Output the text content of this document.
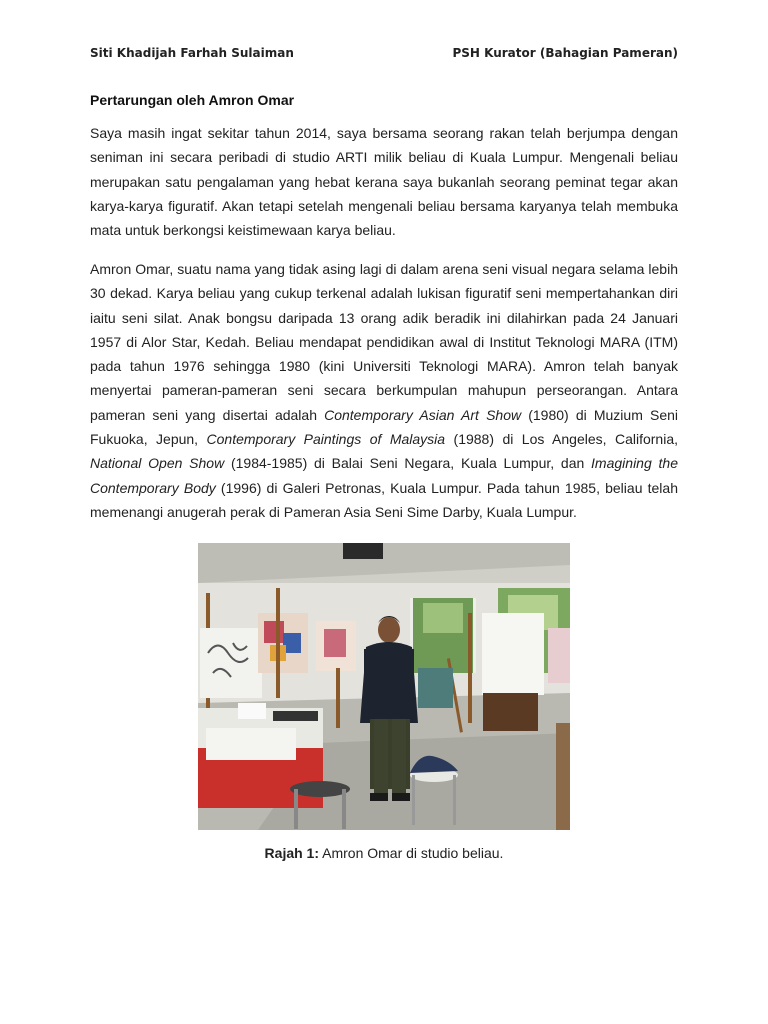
Siti Khadijah Farhah Sulaiman	PSH Kurator (Bahagian Pameran)
Pertarungan oleh Amron Omar

Saya masih ingat sekitar tahun 2014, saya bersama seorang rakan telah berjumpa dengan seniman ini secara peribadi di studio ARTI milik beliau di Kuala Lumpur. Mengenali beliau merupakan satu pengalaman yang hebat kerana saya bukanlah seorang peminat tegar akan karya-karya figuratif. Akan tetapi setelah mengenali beliau bersama karyanya telah membuka mata untuk berkongsi keistimewaan karya beliau.

Amron Omar, suatu nama yang tidak asing lagi di dalam arena seni visual negara selama lebih 30 dekad. Karya beliau yang cukup terkenal adalah lukisan figuratif seni mempertahankan diri iaitu seni silat. Anak bongsu daripada 13 orang adik beradik ini dilahirkan pada 24 Januari 1957 di Alor Star, Kedah. Beliau mendapat pendidikan awal di Institut Teknologi MARA (ITM) pada tahun 1976 sehingga 1980 (kini Universiti Teknologi MARA). Amron telah banyak menyertai pameran-pameran seni secara berkumpulan mahupun perseorangan. Antara pameran seni yang disertai adalah Contemporary Asian Art Show (1980) di Muzium Seni Fukuoka, Jepun, Contemporary Paintings of Malaysia (1988) di Los Angeles, California, National Open Show (1984-1985) di Balai Seni Negara, Kuala Lumpur, dan Imagining the Contemporary Body (1996) di Galeri Petronas, Kuala Lumpur. Pada tahun 1985, beliau telah memenangi anugerah perak di Pameran Asia Seni Sime Darby, Kuala Lumpur.

Rajah 1: Amron Omar di studio beliau.
